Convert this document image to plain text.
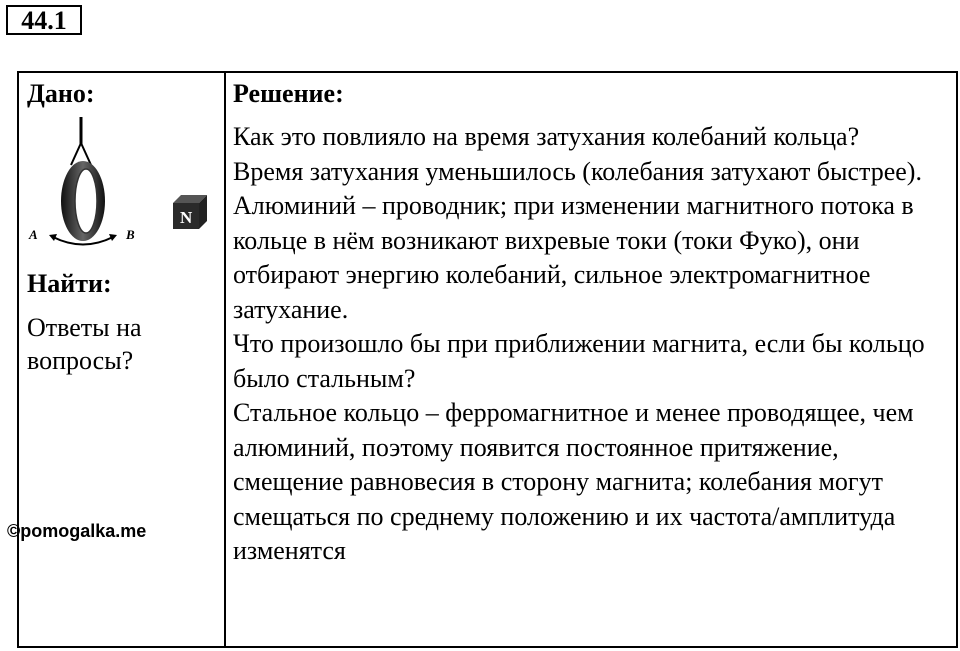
44.1
Дано:
A	B
N
Найти:
Ответы на вопросы?
©pomogalka.me
Решение:

Как это повлияло на время затухания колебаний кольца?

Время затухания уменьшилось (колебания затухают быстрее). Алюминий – проводник; при изменении магнитного потока в кольце в нём возникают вихревые токи (токи Фуко), они отбирают энергию колебаний, сильное электромагнитное затухание.

Что произошло бы при приближении магнита, если бы кольцо было стальным?

Стальное кольцо – ферромагнитное и менее проводящее, чем алюминий, поэтому появится постоянное притяжение, смещение равновесия в сторону магнита; колебания могут смещаться по среднему положению и их частота/амплитуда изменятся
